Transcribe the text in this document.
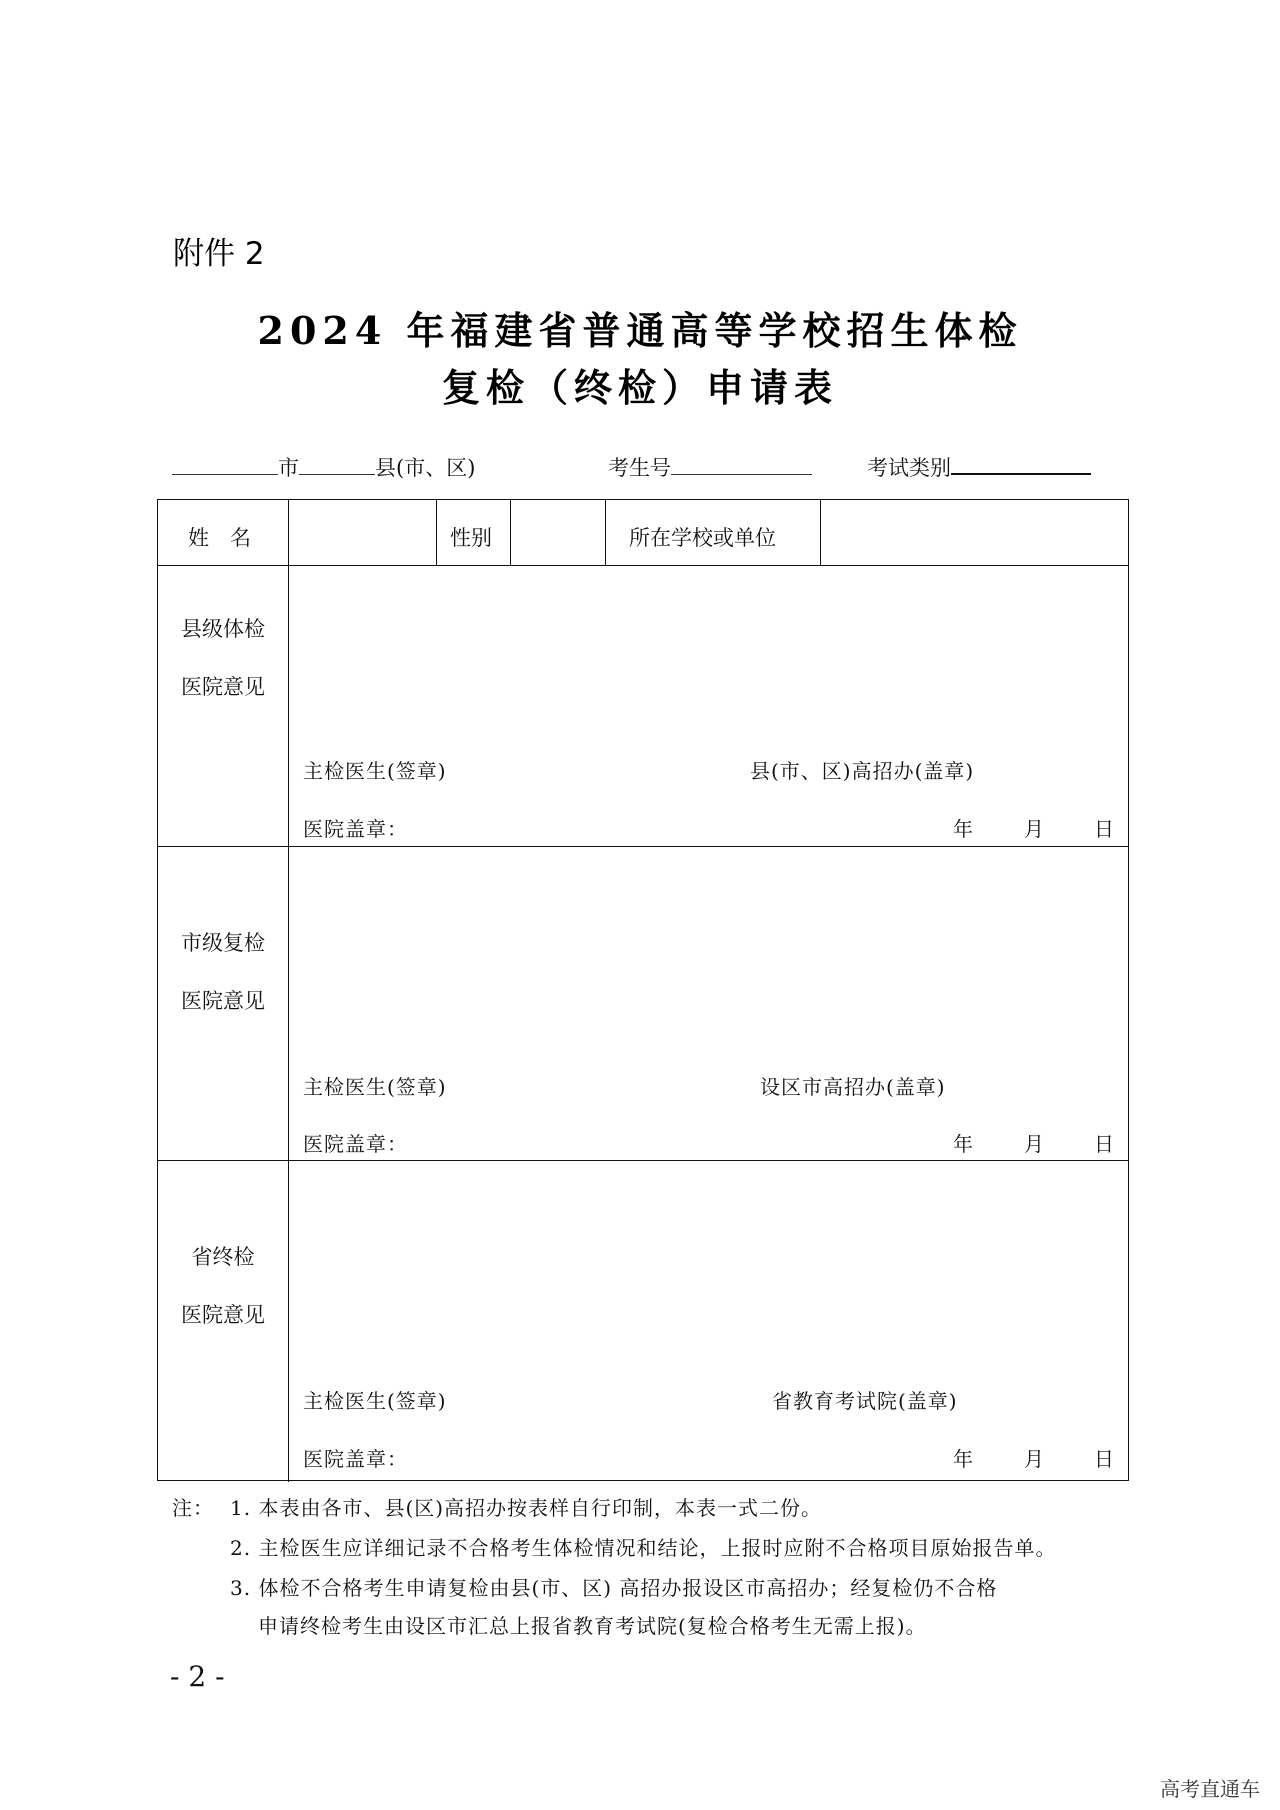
附件 2
2024 年福建省普通高等学校招生体检
复检（终检）申请表
市	县(市、区)	考生号	考试类别
姓　名	性别	所在学校或单位
县级体检
医院意见
主检医生(签章)	县(市、区)高招办(盖章)
医院盖章：	年	月 日
市级复检
医院意见
主检医生(签章)	设区市高招办(盖章)
医院盖章：	年	月 日
省终检
医院意见
主检医生(签章)	省教育考试院(盖章)
医院盖章：	年	月 日
注： 1. 本表由各市、县(区)高招办按表样自行印制，本表一式二份。
2. 主检医生应详细记录不合格考生体检情况和结论，上报时应附不合格项目原始报告单。
3. 体检不合格考生申请复检由县(市、区) 高招办报设区市高招办；经复检仍不合格
申请终检考生由设区市汇总上报省教育考试院(复检合格考生无需上报)。
- 2 -
高考直通车
